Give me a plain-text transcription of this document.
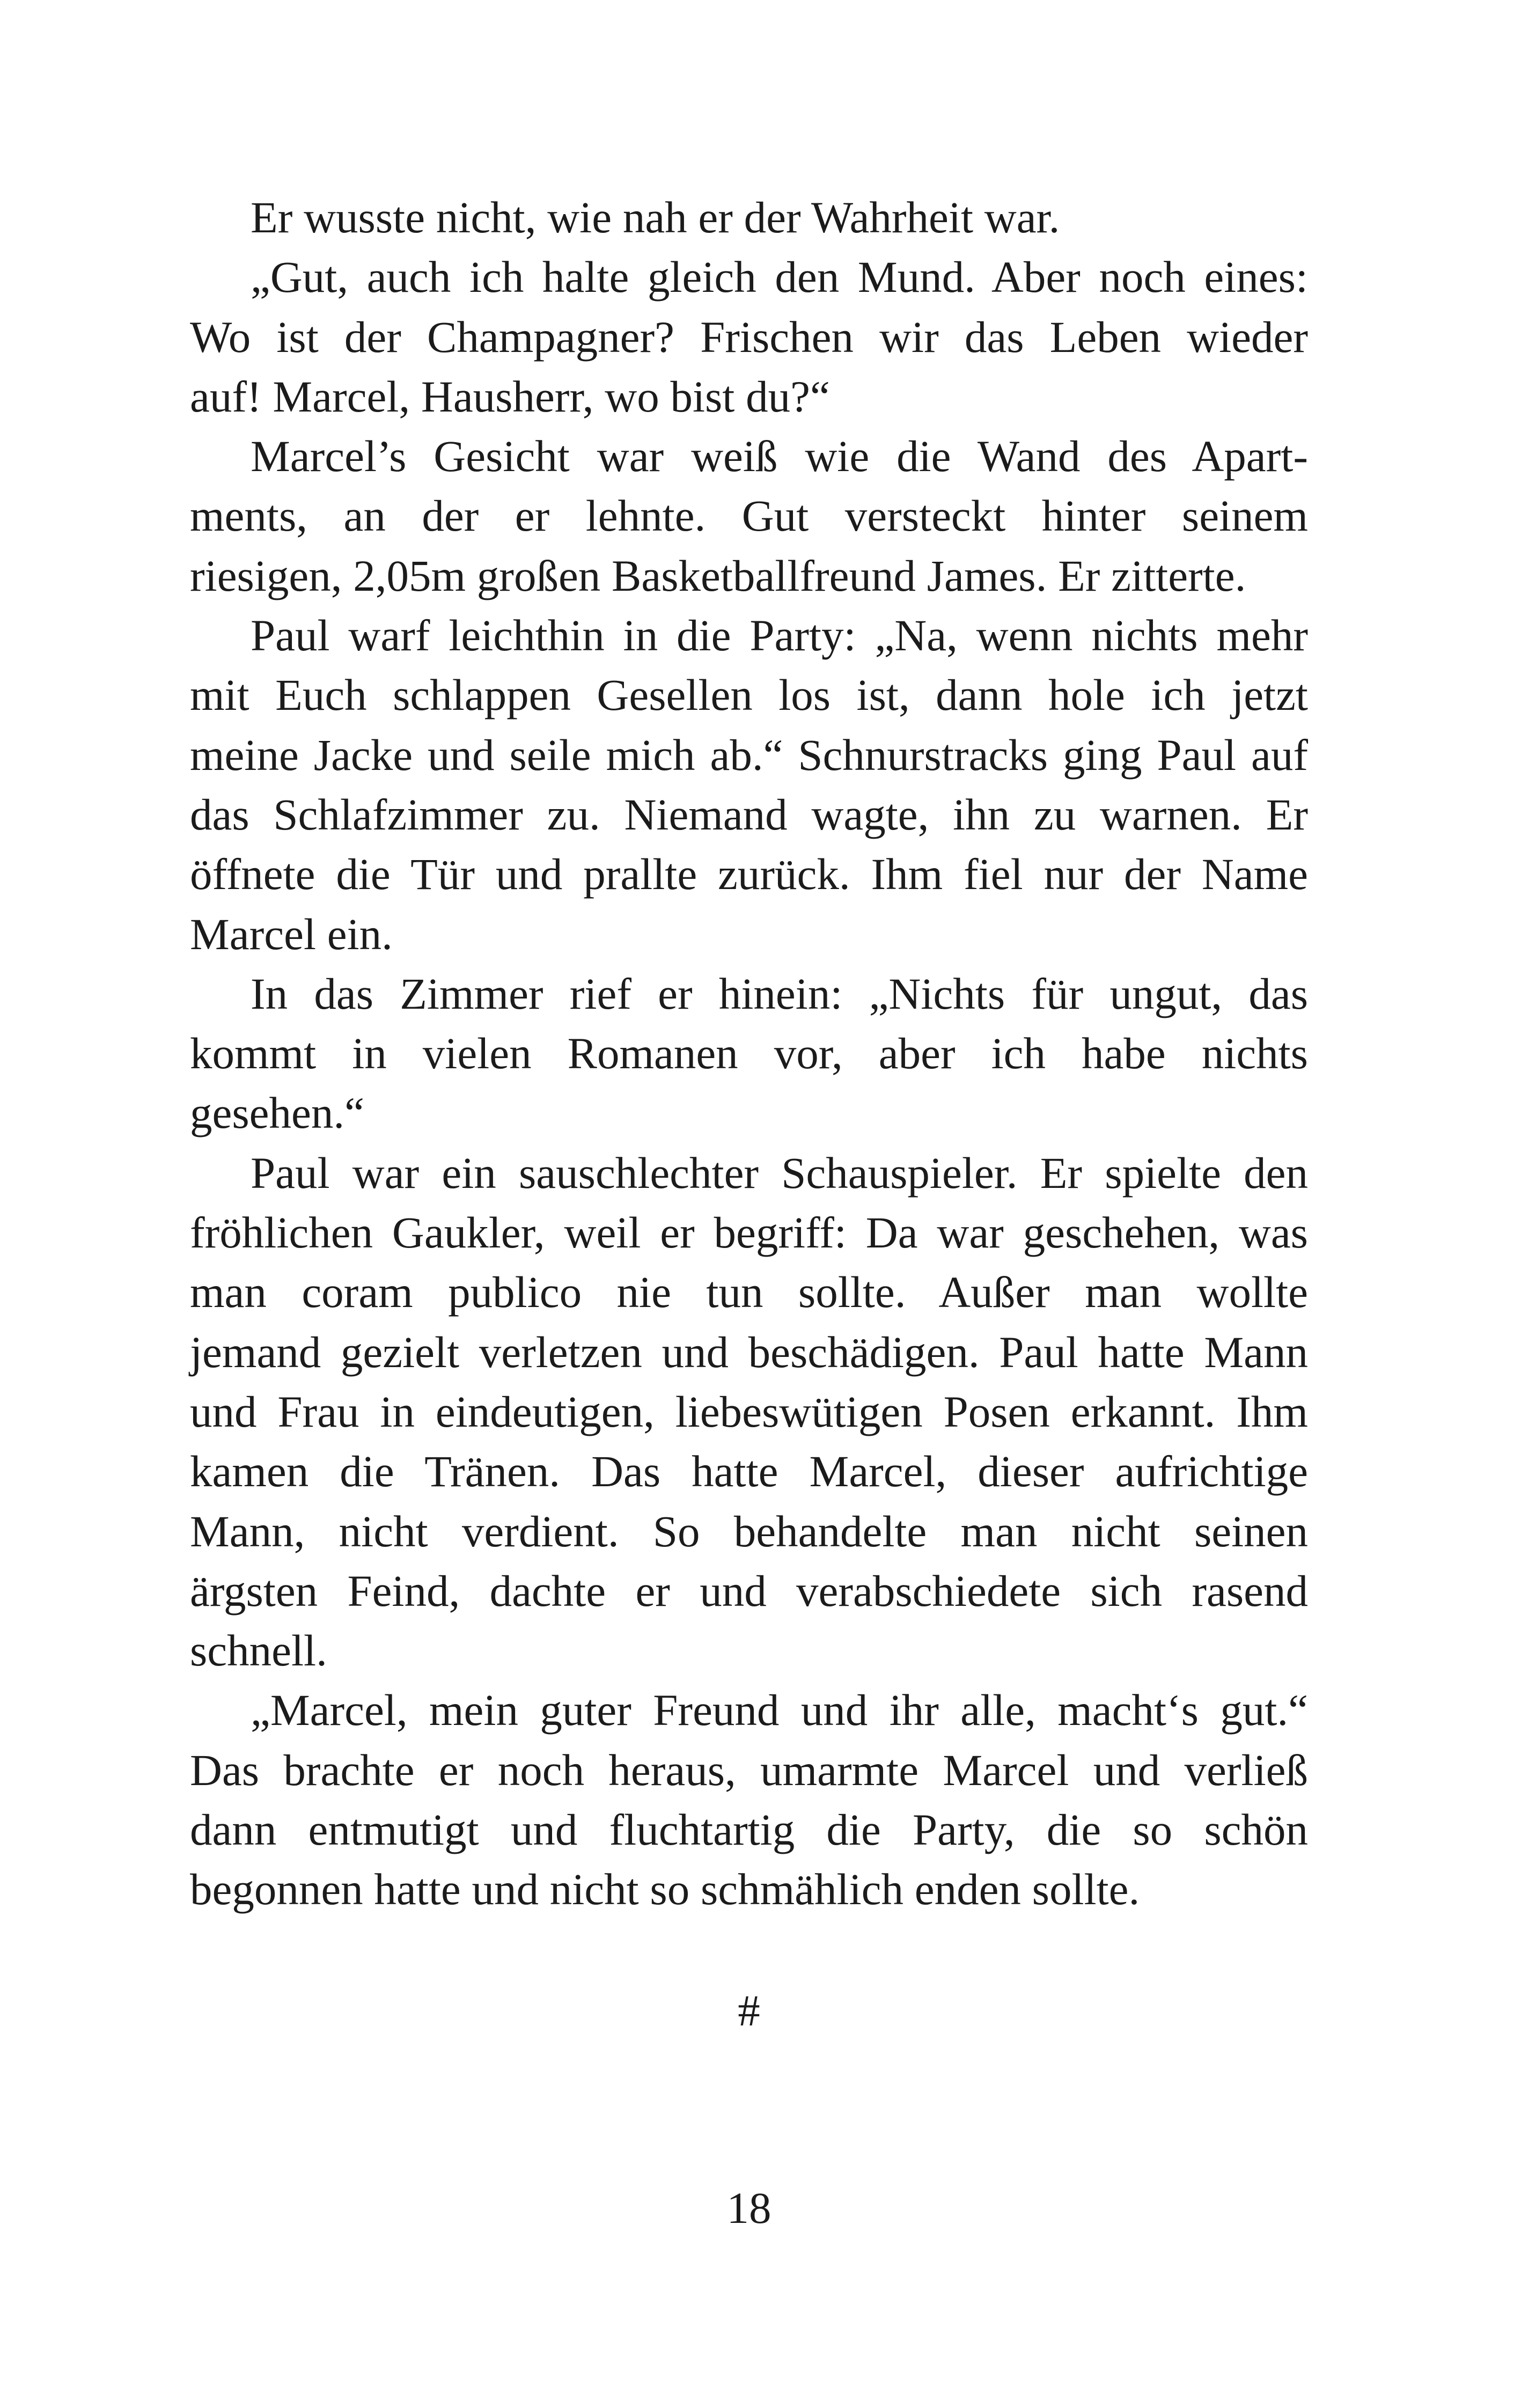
Er wusste nicht, wie nah er der Wahrheit war.
„Gut, auch ich halte gleich den Mund. Aber noch eines:
Wo ist der Champagner? Frischen wir das Leben wieder
auf! Marcel, Hausherr, wo bist du?“
Marcel’s Gesicht war weiß wie die Wand des Apart-
ments, an der er lehnte. Gut versteckt hinter seinem
riesigen, 2,05m großen Basketballfreund James. Er zitterte.
Paul warf leichthin in die Party: „Na, wenn nichts mehr
mit Euch schlappen Gesellen los ist, dann hole ich jetzt
meine Jacke und seile mich ab.“ Schnurstracks ging Paul auf
das Schlafzimmer zu. Niemand wagte, ihn zu warnen. Er
öffnete die Tür und prallte zurück. Ihm fiel nur der Name
Marcel ein.
In das Zimmer rief er hinein: „Nichts für ungut, das
kommt in vielen Romanen vor, aber ich habe nichts
gesehen.“
Paul war ein sauschlechter Schauspieler. Er spielte den
fröhlichen Gaukler, weil er begriff: Da war geschehen, was
man coram publico nie tun sollte. Außer man wollte
jemand gezielt verletzen und beschädigen. Paul hatte Mann
und Frau in eindeutigen, liebeswütigen Posen erkannt. Ihm
kamen die Tränen. Das hatte Marcel, dieser aufrichtige
Mann, nicht verdient. So behandelte man nicht seinen
ärgsten Feind, dachte er und verabschiedete sich rasend
schnell.
„Marcel, mein guter Freund und ihr alle, macht‘s gut.“
Das brachte er noch heraus, umarmte Marcel und verließ
dann entmutigt und fluchtartig die Party, die so schön
begonnen hatte und nicht so schmählich enden sollte.
#
18
